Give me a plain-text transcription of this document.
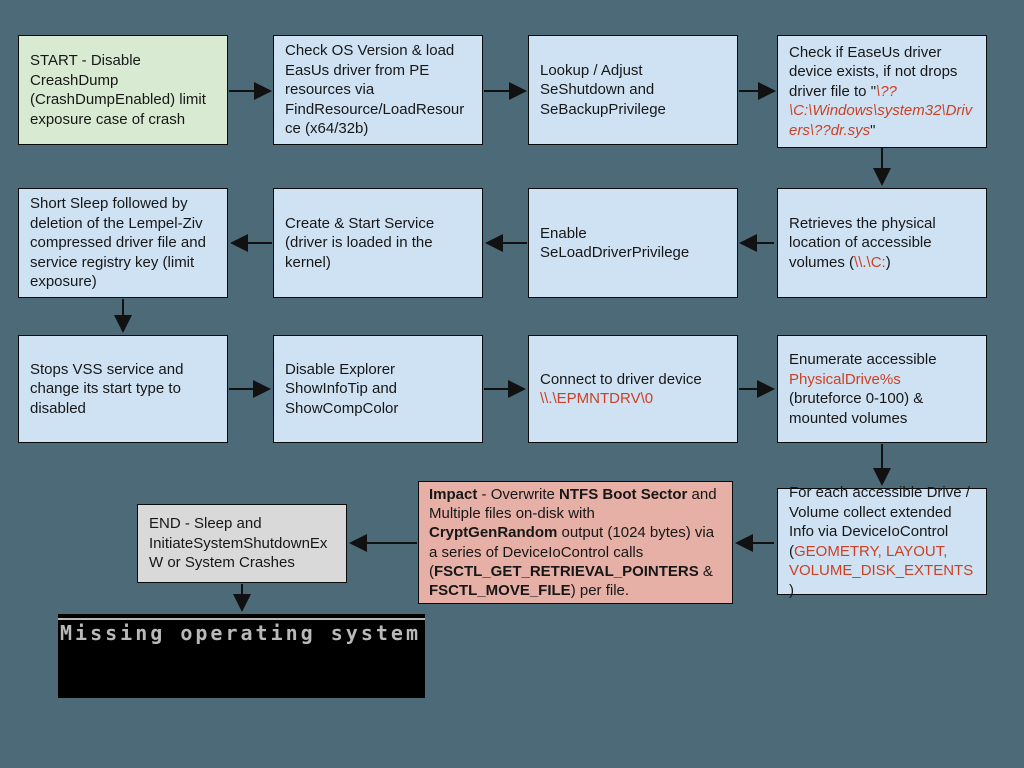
START - Disable CreashDump (CrashDumpEnabled) limit exposure case of crash
Check OS Version & load EasUs driver from PE resources via FindResource/LoadResource (x64/32b)
Lookup / Adjust SeShutdown and SeBackupPrivilege
Check if EaseUs driver device exists, if not drops driver file to "\??\C:\Windows\system32\Drivers\??dr.sys"
Short Sleep followed by deletion of the Lempel-Ziv compressed driver file and service registry key (limit exposure)
Create & Start Service (driver is loaded in the kernel)
Enable SeLoadDriverPrivilege
Retrieves the physical location of accessible volumes (\\.\C:)
Stops VSS service and change its start type to disabled
Disable Explorer ShowInfoTip and ShowCompColor
Connect to driver device \\.\EPMNTDRV\0
Enumerate accessible PhysicalDrive%s (bruteforce 0-100) & mounted volumes
For each accessible Drive / Volume collect extended Info via DeviceIoControl (GEOMETRY, LAYOUT, VOLUME_DISK_EXTENTS)
Impact - Overwrite NTFS Boot Sector and Multiple files on-disk with CryptGenRandom output (1024 bytes) via a series of DeviceIoControl calls (FSCTL_GET_RETRIEVAL_POINTERS & FSCTL_MOVE_FILE) per file.
END - Sleep and InitiateSystemShutdownExW or System Crashes
Missing operating system
